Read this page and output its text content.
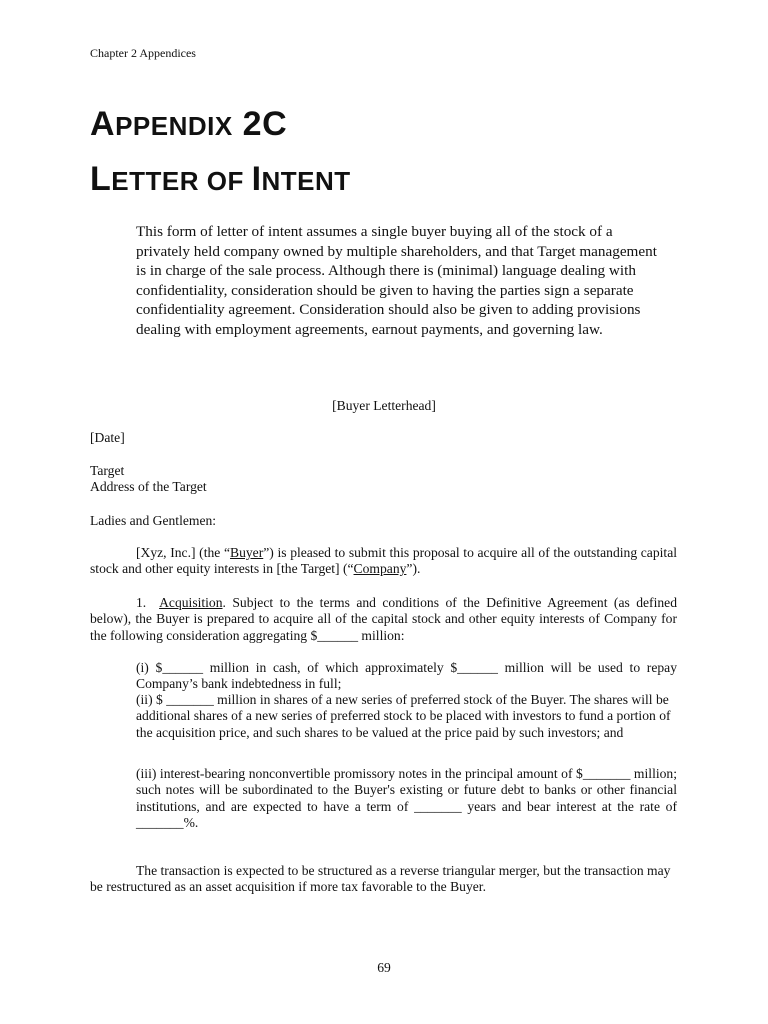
Chapter 2 Appendices
APPENDIX 2C
LETTER OF INTENT
This form of letter of intent assumes a single buyer buying all of the stock of a privately held company owned by multiple shareholders, and that Target management is in charge of the sale process. Although there is (minimal) language dealing with confidentiality, consideration should be given to having the parties sign a separate confidentiality agreement. Consideration should also be given to adding provisions dealing with employment agreements, earnout payments, and governing law.
[Buyer Letterhead]
[Date]
Target
Address of the Target
Ladies and Gentlemen:
[Xyz, Inc.] (the “Buyer”) is pleased to submit this proposal to acquire all of the outstanding capital stock and other equity interests in [the Target] (“Company”).
1. Acquisition. Subject to the terms and conditions of the Definitive Agreement (as defined below), the Buyer is prepared to acquire all of the capital stock and other equity interests of Company for the following consideration aggregating $______ million:
(i) $______ million in cash, of which approximately $______ million will be used to repay Company’s bank indebtedness in full;
(ii) $ _______ million in shares of a new series of preferred stock of the Buyer. The shares will be additional shares of a new series of preferred stock to be placed with investors to fund a portion of the acquisition price, and such shares to be valued at the price paid by such investors; and
(iii) interest-bearing nonconvertible promissory notes in the principal amount of $_______ million; such notes will be subordinated to the Buyer's existing or future debt to banks or other financial institutions, and are expected to have a term of _______ years and bear interest at the rate of _______%.
The transaction is expected to be structured as a reverse triangular merger, but the transaction may be restructured as an asset acquisition if more tax favorable to the Buyer.
69
